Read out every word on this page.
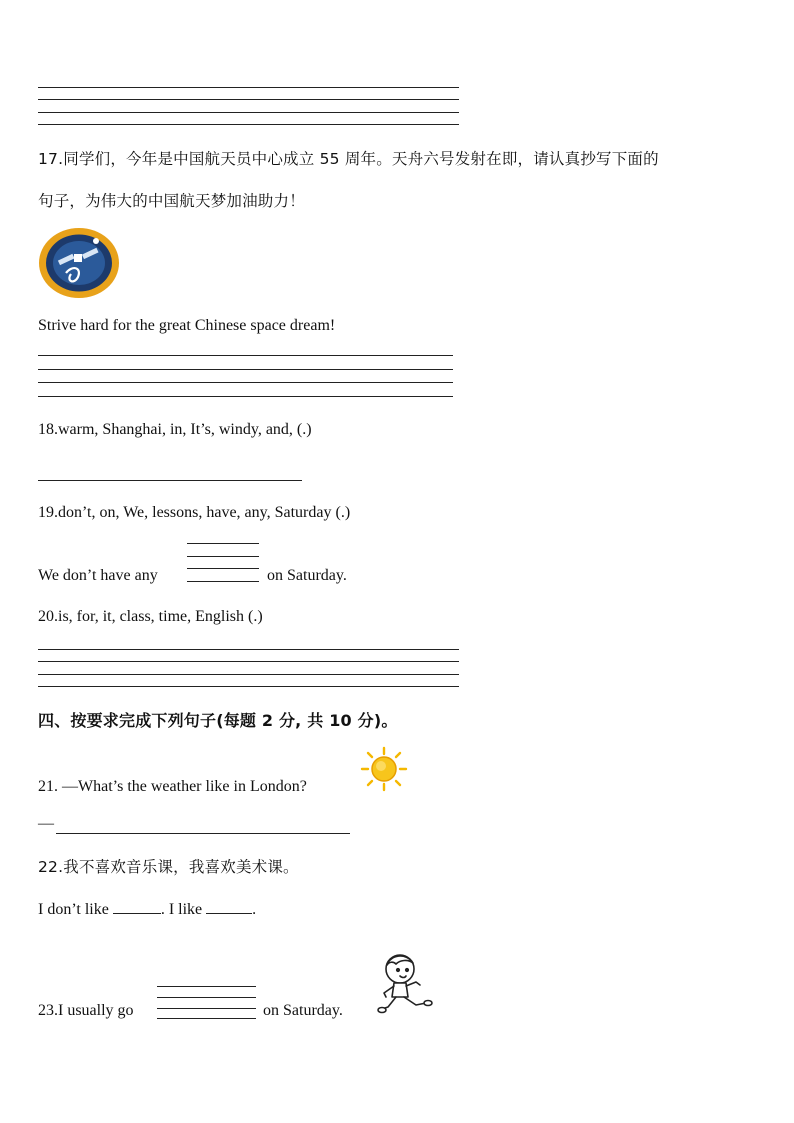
17.同学们，今年是中国航天员中心成立 55 周年。天舟六号发射在即，请认真抄写下面的
句子，为伟大的中国航天梦加油助力！
Strive hard for the great Chinese space dream!
18.warm, Shanghai, in, It’s, windy, and, (.)
19.don’t, on, We, lessons, have, any, Saturday (.)
We don’t have any	on Saturday.
20.is, for, it, class, time, English (.)
四、按要求完成下列句子(每题 2 分, 共 10 分)。
21. —What’s the weather like in London?
—
22.我不喜欢音乐课，我喜欢美术课。
I don’t like	. I like	.
23.I usually go	on Saturday.
